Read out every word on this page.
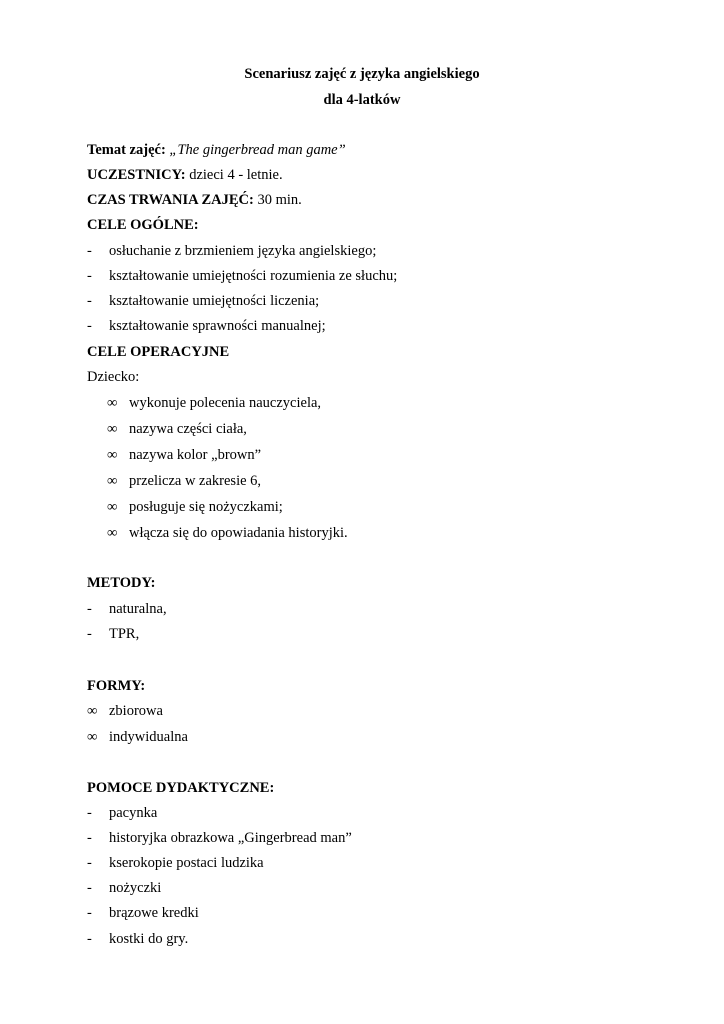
Scenariusz zajęć z języka angielskiego
dla 4-latków
Temat zajęć: „The gingerbread man game”
UCZESTNICY: dzieci 4 - letnie.
CZAS TRWANIA ZAJĘĆ: 30 min.
CELE OGÓLNE:
- osłuchanie z brzmieniem języka angielskiego;
- kształtowanie umiejętności rozumienia ze słuchu;
- kształtowanie umiejętności liczenia;
- kształtowanie sprawności manualnej;
CELE OPERACYJNE
Dziecko:
∞ wykonuje polecenia nauczyciela,
∞ nazywa części ciała,
∞ nazywa kolor „brown”
∞ przelicza w zakresie 6,
∞ posługuje się nożyczkami;
∞ włącza się do opowiadania historyjki.
METODY:
- naturalna,
- TPR,
FORMY:
∞ zbiorowa
∞ indywidualna
POMOCE DYDAKTYCZNE:
- pacynka
- historyjka obrazkowa „Gingerbread man”
- kserokopie postaci ludzika
- nożyczki
- brązowe kredki
- kostki do gry.
